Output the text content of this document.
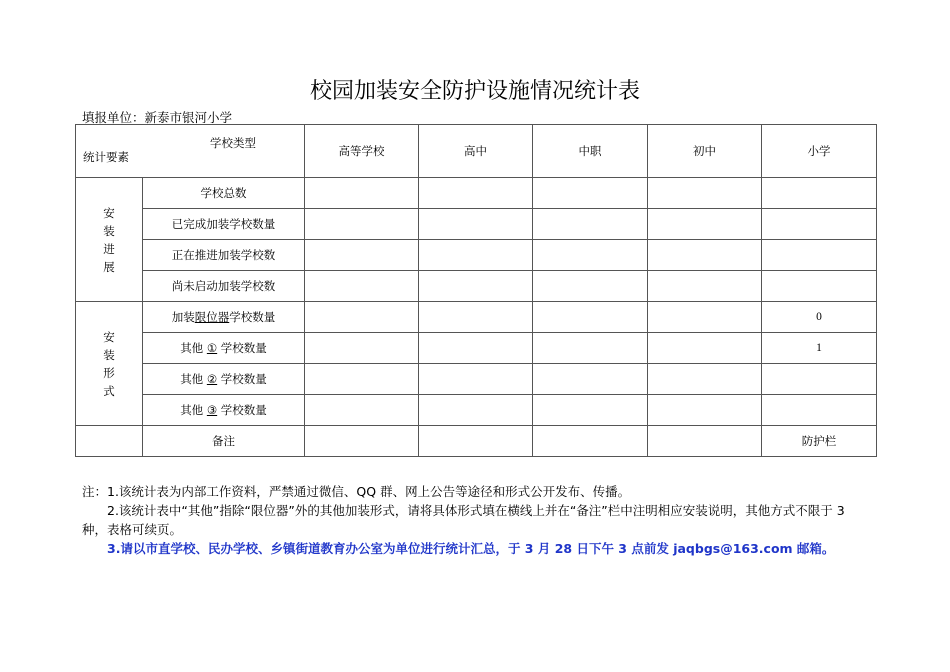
校园加装安全防护设施情况统计表
填报单位：新泰市银河小学
学校类型
统计要素		高等学校	高中	中职	初中	小学
安
装
进
展	学校总数					
	已完成加装学校数量					
	正在推进加装学校数					
	尚未启动加装学校数					
安
装
形
式	加装限位器学校数量					0
	其他 ① 学校数量					1
	其他 ② 学校数量					
	其他 ③ 学校数量					
	备注					防护栏
注：1.该统计表为内部工作资料，严禁通过微信、QQ 群、网上公告等途径和形式公开发布、传播。
2.该统计表中“其他”指除“限位器”外的其他加装形式，请将具体形式填在横线上并在“备注”栏中注明相应安装说明，其他方式不限于 3 种，表格可续页。
3.请以市直学校、民办学校、乡镇街道教育办公室为单位进行统计汇总，于 3 月 28 日下午 3 点前发 jaqbgs@163.com 邮箱。
